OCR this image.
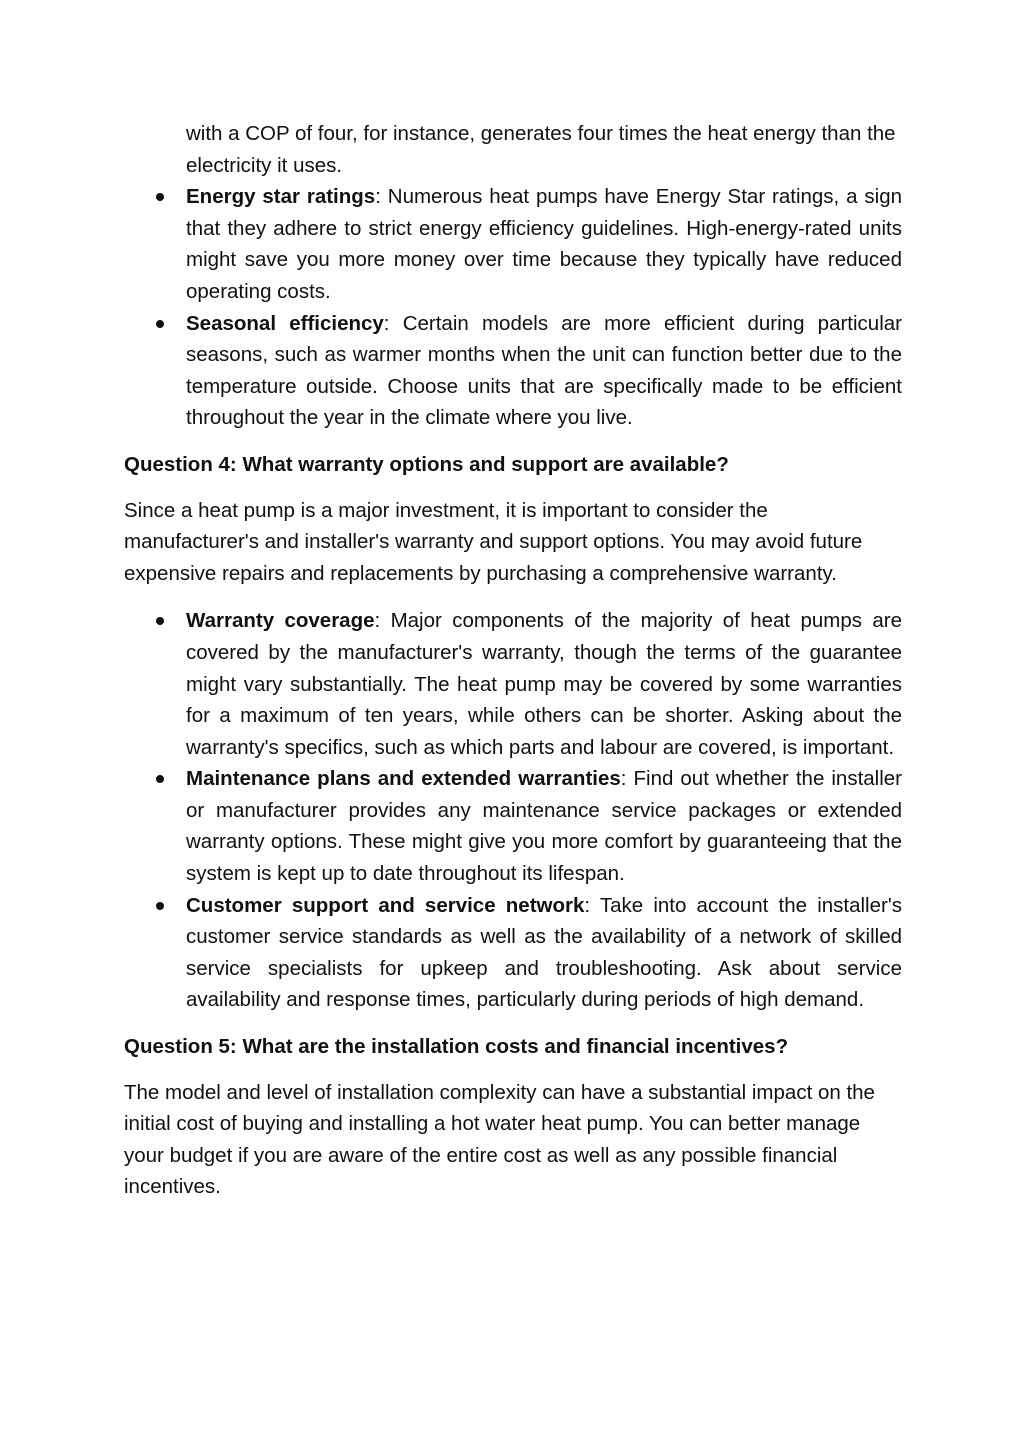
with a COP of four, for instance, generates four times the heat energy than the electricity it uses.

Energy star ratings: Numerous heat pumps have Energy Star ratings, a sign that they adhere to strict energy efficiency guidelines. High-energy-rated units might save you more money over time because they typically have reduced operating costs.
Seasonal efficiency: Certain models are more efficient during particular seasons, such as warmer months when the unit can function better due to the temperature outside. Choose units that are specifically made to be efficient throughout the year in the climate where you live.
Question 4: What warranty options and support are available?

Since a heat pump is a major investment, it is important to consider the manufacturer's and installer's warranty and support options. You may avoid future expensive repairs and replacements by purchasing a comprehensive warranty.

Warranty coverage: Major components of the majority of heat pumps are covered by the manufacturer's warranty, though the terms of the guarantee might vary substantially. The heat pump may be covered by some warranties for a maximum of ten years, while others can be shorter. Asking about the warranty's specifics, such as which parts and labour are covered, is important.
Maintenance plans and extended warranties: Find out whether the installer or manufacturer provides any maintenance service packages or extended warranty options. These might give you more comfort by guaranteeing that the system is kept up to date throughout its lifespan.
Customer support and service network: Take into account the installer's customer service standards as well as the availability of a network of skilled service specialists for upkeep and troubleshooting. Ask about service availability and response times, particularly during periods of high demand.
Question 5: What are the installation costs and financial incentives?

The model and level of installation complexity can have a substantial impact on the initial cost of buying and installing a hot water heat pump. You can better manage your budget if you are aware of the entire cost as well as any possible financial incentives.
